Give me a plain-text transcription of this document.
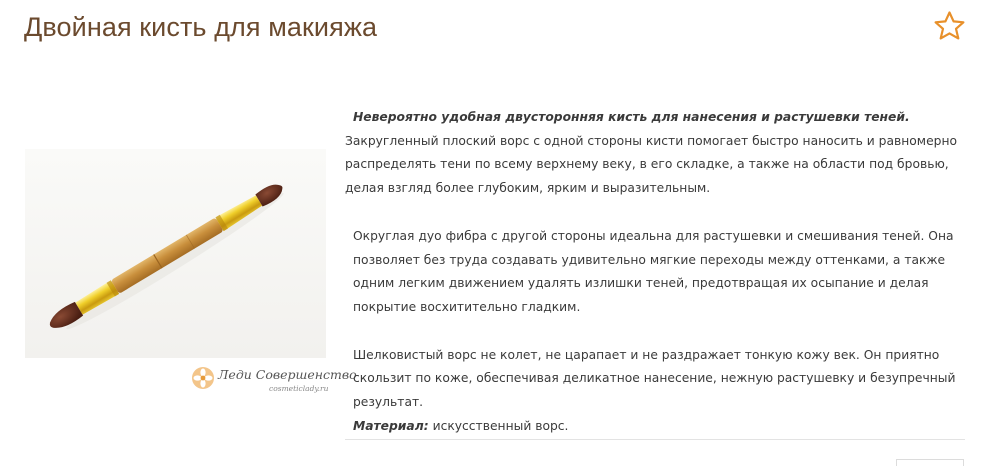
Двойная кисть для макияжа
Леди Совершенство
cosmeticlady.ru

Невероятно удобная двусторонняя кисть для нанесения и растушевки теней.

Закругленный плоский ворс с одной стороны кисти помогает быстро наносить и равномерно распределять тени по всему верхнему веку, в его складке, а также на области под бровью, делая взгляд более глубоким, ярким и выразительным.

Округлая дуо фибра с другой стороны идеальна для растушевки и смешивания теней. Она позволяет без труда создавать удивительно мягкие переходы между оттенками, а также одним легким движением удалять излишки теней, предотвращая их осыпание и делая покрытие восхитительно гладким.

Шелковистый ворс не колет, не царапает и не раздражает тонкую кожу век. Он приятно скользит по коже, обеспечивая деликатное нанесение, нежную растушевку и безупречный результат.

Материал: искусственный ворс.
